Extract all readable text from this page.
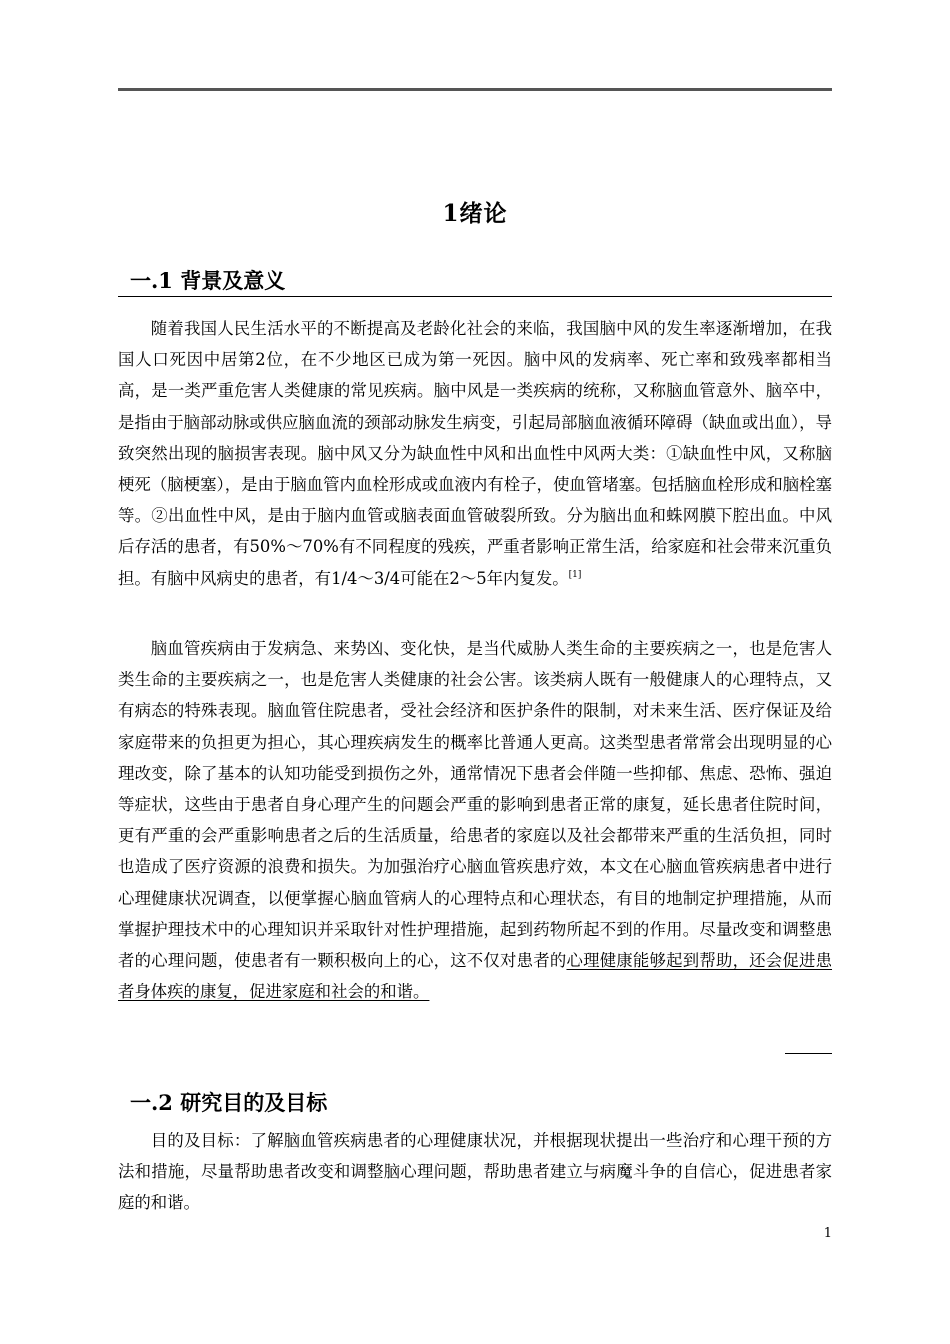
1绪论
一.1 背景及意义

随着我国人民生活水平的不断提高及老龄化社会的来临，我国脑中风的发生率逐渐增加，在我国人口死因中居第2位，在不少地区已成为第一死因。脑中风的发病率、死亡率和致残率都相当高，是一类严重危害人类健康的常见疾病。脑中风是一类疾病的统称，又称脑血管意外、脑卒中，是指由于脑部动脉或供应脑血流的颈部动脉发生病变，引起局部脑血液循环障碍（缺血或出血），导致突然出现的脑损害表现。脑中风又分为缺血性中风和出血性中风两大类：①缺血性中风，又称脑梗死（脑梗塞），是由于脑血管内血栓形成或血液内有栓子，使血管堵塞。包括脑血栓形成和脑栓塞等。②出血性中风，是由于脑内血管或脑表面血管破裂所致。分为脑出血和蛛网膜下腔出血。中风后存活的患者，有50%～70%有不同程度的残疾，严重者影响正常生活，给家庭和社会带来沉重负担。有脑中风病史的患者，有1/4～3/4可能在2～5年内复发。[1]

脑血管疾病由于发病急、来势凶、变化快，是当代威胁人类生命的主要疾病之一，也是危害人类生命的主要疾病之一，也是危害人类健康的社会公害。该类病人既有一般健康人的心理特点，又有病态的特殊表现。脑血管住院患者，受社会经济和医护条件的限制，对未来生活、医疗保证及给家庭带来的负担更为担心，其心理疾病发生的概率比普通人更高。这类型患者常常会出现明显的心理改变，除了基本的认知功能受到损伤之外，通常情况下患者会伴随一些抑郁、焦虑、恐怖、强迫等症状，这些由于患者自身心理产生的问题会严重的影响到患者正常的康复，延长患者住院时间，更有严重的会严重影响患者之后的生活质量，给患者的家庭以及社会都带来严重的生活负担，同时也造成了医疗资源的浪费和损失。为加强治疗心脑血管疾患疗效，本文在心脑血管疾病患者中进行心理健康状况调查，以便掌握心脑血管病人的心理特点和心理状态，有目的地制定护理措施，从而掌握护理技术中的心理知识并采取针对性护理措施，起到药物所起不到的作用。尽量改变和调整患者的心理问题，使患者有一颗积极向上的心，这不仅对患者的心理健康能够起到帮助，还会促进患者身体疾的康复，促进家庭和社会的和谐。

一.2 研究目的及目标

目的及目标：了解脑血管疾病患者的心理健康状况，并根据现状提出一些治疗和心理干预的方法和措施，尽量帮助患者改变和调整脑心理问题，帮助患者建立与病魔斗争的自信心，促进患者家庭的和谐。

1
